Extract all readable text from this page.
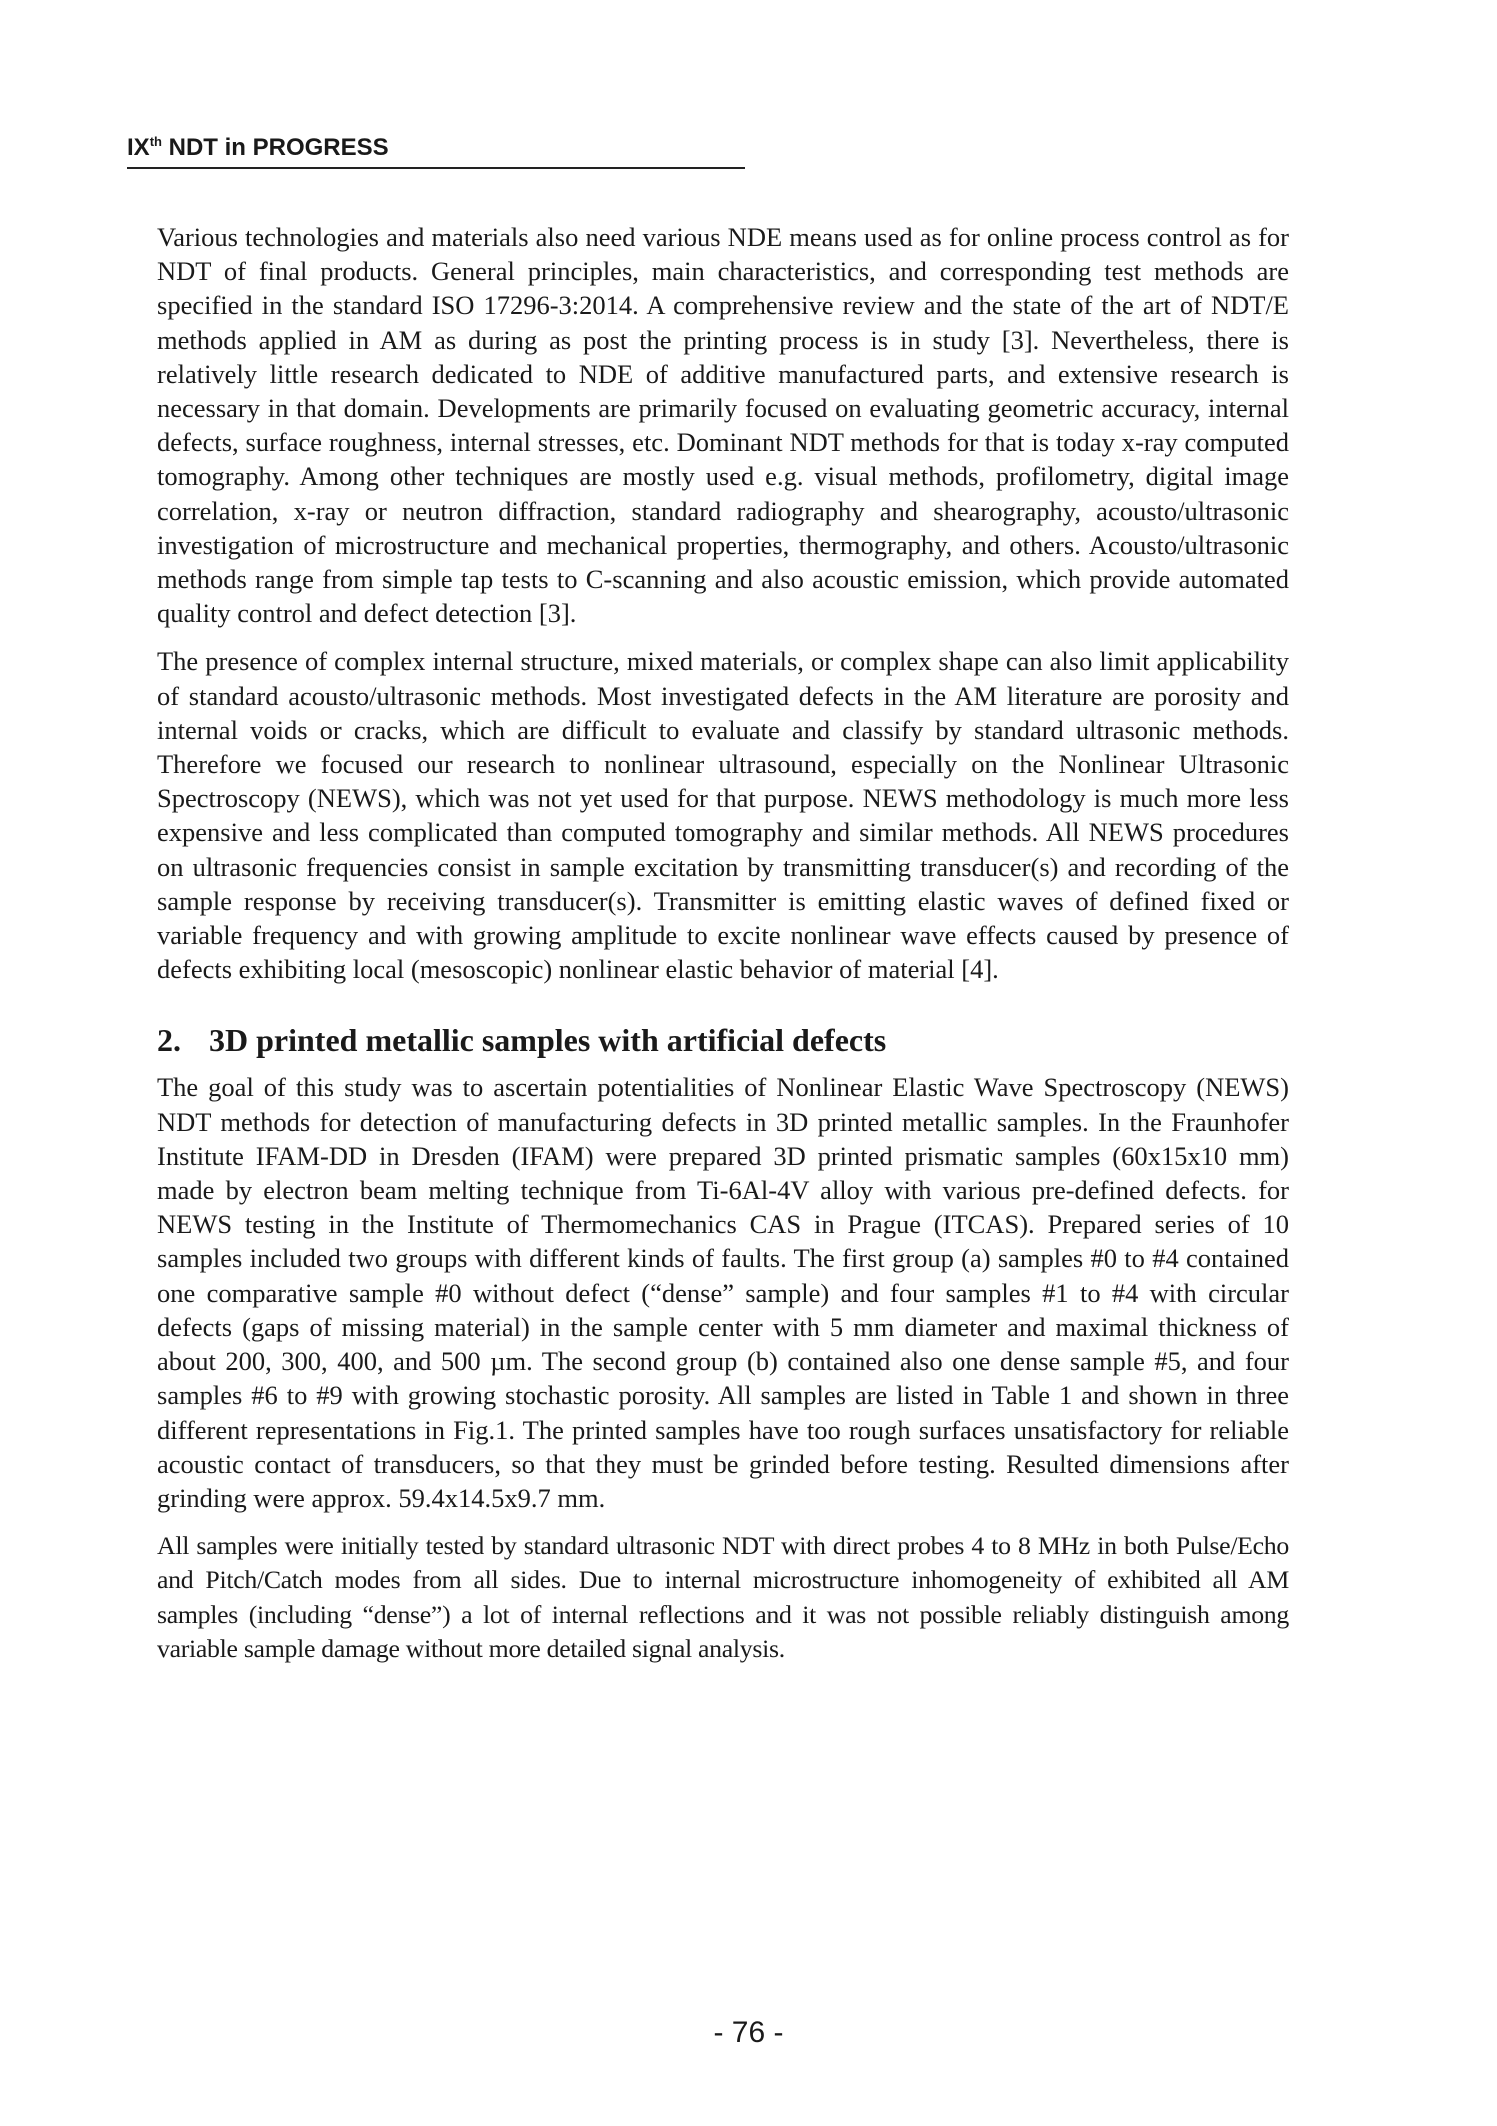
IXth NDT in PROGRESS

Various technologies and materials also need various NDE means used as for online process control as for NDT of final products. General principles, main characteristics, and corresponding test methods are specified in the standard ISO 17296-3:2014. A comprehensive review and the state of the art of NDT/E methods applied in AM as during as post the printing process is in study [3]. Nevertheless, there is relatively little research dedicated to NDE of additive manufactured parts, and extensive research is necessary in that domain. Developments are primarily focused on evaluating geometric accuracy, internal defects, surface roughness, internal stresses, etc. Dominant NDT methods for that is today x-ray computed tomography. Among other techniques are mostly used e.g. visual methods, profilometry, digital image correlation, x-ray or neutron diffraction, standard radiography and shearography, acousto/ultrasonic investigation of microstructure and mechanical properties, thermography, and others. Acousto/ultrasonic methods range from simple tap tests to C-scanning and also acoustic emission, which provide automated quality control and defect detection [3].

The presence of complex internal structure, mixed materials, or complex shape can also limit applicability of standard acousto/ultrasonic methods. Most investigated defects in the AM literature are porosity and internal voids or cracks, which are difficult to evaluate and classify by standard ultrasonic methods. Therefore we focused our research to nonlinear ultrasound, especially on the Nonlinear Ultrasonic Spectroscopy (NEWS), which was not yet used for that purpose. NEWS methodology is much more less expensive and less complicated than computed tomography and similar methods. All NEWS procedures on ultrasonic frequencies consist in sample excitation by transmitting transducer(s) and recording of the sample response by receiving transducer(s). Transmitter is emitting elastic waves of defined fixed or variable frequency and with growing amplitude to excite nonlinear wave effects caused by presence of defects exhibiting local (mesoscopic) nonlinear elastic behavior of material [4].

2. 3D printed metallic samples with artificial defects

The goal of this study was to ascertain potentialities of Nonlinear Elastic Wave Spectroscopy (NEWS) NDT methods for detection of manufacturing defects in 3D printed metallic samples. In the Fraunhofer Institute IFAM-DD in Dresden (IFAM) were prepared 3D printed prismatic samples (60x15x10 mm) made by electron beam melting technique from Ti-6Al-4V alloy with various pre-defined defects. for NEWS testing in the Institute of Thermomechanics CAS in Prague (ITCAS). Prepared series of 10 samples included two groups with different kinds of faults. The first group (a) samples #0 to #4 contained one comparative sample #0 without defect (“dense” sample) and four samples #1 to #4 with circular defects (gaps of missing material) in the sample center with 5 mm diameter and maximal thickness of about 200, 300, 400, and 500 µm. The second group (b) contained also one dense sample #5, and four samples #6 to #9 with growing stochastic porosity. All samples are listed in Table 1 and shown in three different representations in Fig.1. The printed samples have too rough surfaces unsatisfactory for reliable acoustic contact of transducers, so that they must be grinded before testing. Resulted dimensions after grinding were approx. 59.4x14.5x9.7 mm.

All samples were initially tested by standard ultrasonic NDT with direct probes 4 to 8 MHz in both Pulse/Echo and Pitch/Catch modes from all sides. Due to internal microstructure inhomogeneity of exhibited all AM samples (including “dense”) a lot of internal reflections and it was not possible reliably distinguish among variable sample damage without more detailed signal analysis.

- 76 -
